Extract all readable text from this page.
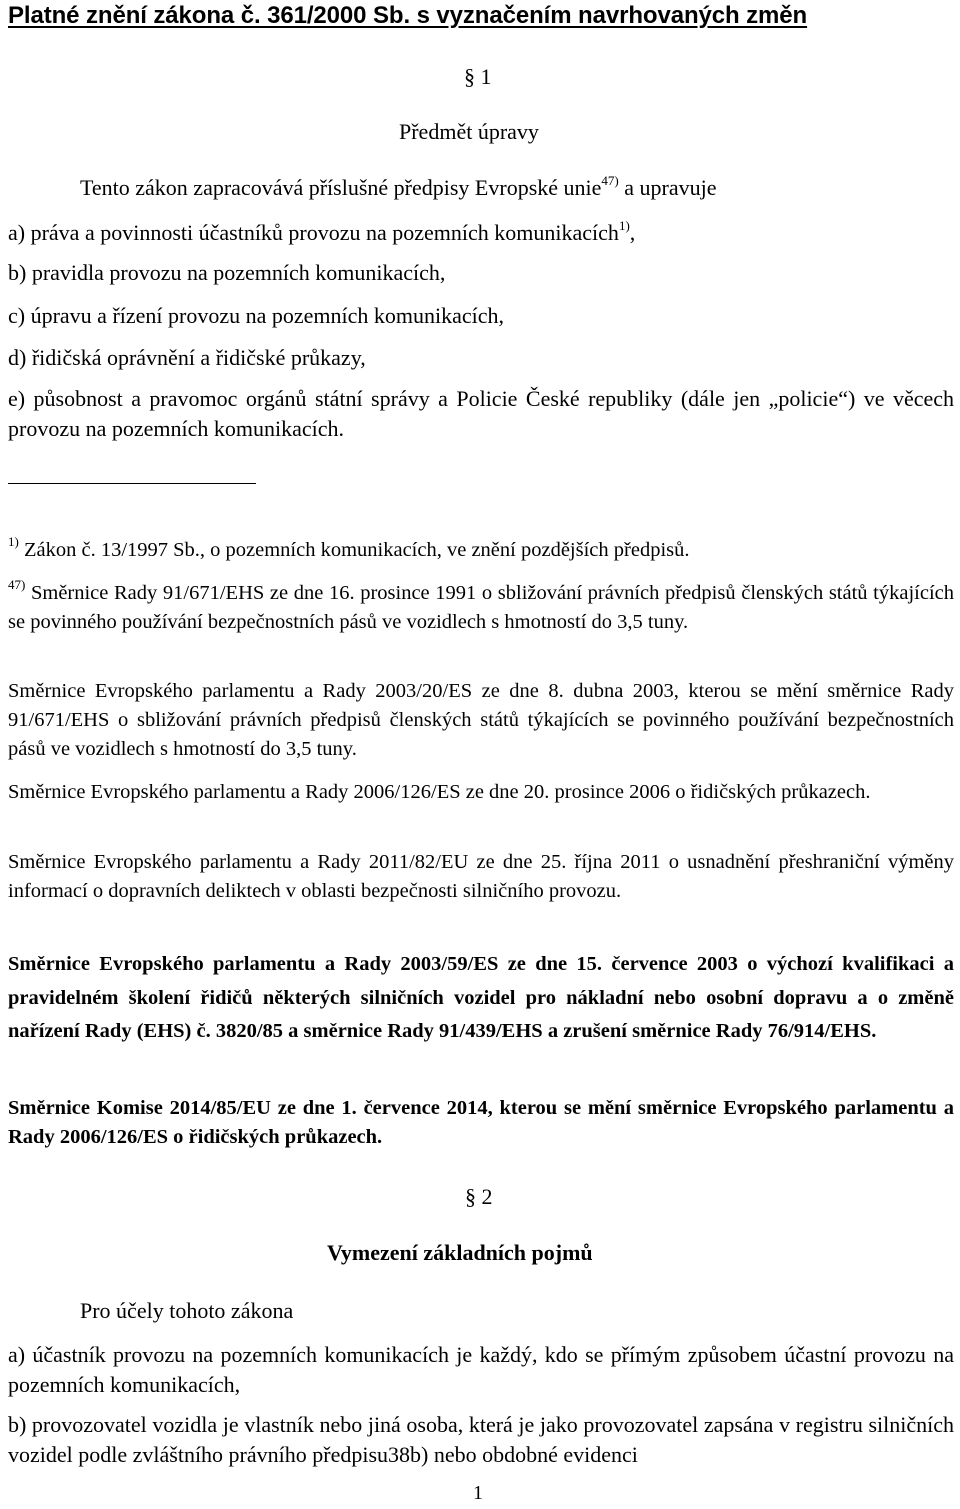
Platné znění zákona č. 361/2000 Sb. s vyznačením navrhovaných změn
§ 1
Předmět úpravy
Tento zákon zapracovává příslušné předpisy Evropské unie$^{47)}$ a upravuje
a) práva a povinnosti účastníků provozu na pozemních komunikacích$^{1)}$,
b) pravidla provozu na pozemních komunikacích,
c) úpravu a řízení provozu na pozemních komunikacích,
d) řidičská oprávnění a řidičské průkazy,
e) působnost a pravomoc orgánů státní správy a Policie České republiky (dále jen „policie“) ve věcech provozu na pozemních komunikacích.
$^{1)}$ Zákon č. 13/1997 Sb., o pozemních komunikacích, ve znění pozdějších předpisů.
$^{47)}$ Směrnice Rady 91/671/EHS ze dne 16. prosince 1991 o sbližování právních předpisů členských států týkajících se povinného používání bezpečnostních pásů ve vozidlech s hmotností do 3,5 tuny.
Směrnice Evropského parlamentu a Rady 2003/20/ES ze dne 8. dubna 2003, kterou se mění směrnice Rady 91/671/EHS o sbližování právních předpisů členských států týkajících se povinného používání bezpečnostních pásů ve vozidlech s hmotností do 3,5 tuny.
Směrnice Evropského parlamentu a Rady 2006/126/ES ze dne 20. prosince 2006 o řidičských průkazech.
Směrnice Evropského parlamentu a Rady 2011/82/EU ze dne 25. října 2011 o usnadnění přeshraniční výměny informací o dopravních deliktech v oblasti bezpečnosti silničního provozu.
Směrnice Evropského parlamentu a Rady 2003/59/ES ze dne 15. července 2003 o výchozí kvalifikaci a pravidelném školení řidičů některých silničních vozidel pro nákladní nebo osobní dopravu a o změně nařízení Rady (EHS) č. 3820/85 a směrnice Rady 91/439/EHS a zrušení směrnice Rady 76/914/EHS.
Směrnice Komise 2014/85/EU ze dne 1. července 2014, kterou se mění směrnice Evropského parlamentu a Rady 2006/126/ES o řidičských průkazech.
§ 2
Vymezení základních pojmů
Pro účely tohoto zákona
a) účastník provozu na pozemních komunikacích je každý, kdo se přímým způsobem účastní provozu na pozemních komunikacích,
b) provozovatel vozidla je vlastník nebo jiná osoba, která je jako provozovatel zapsána v registru silničních vozidel podle zvláštního právního předpisu38b) nebo obdobné evidenci
1
